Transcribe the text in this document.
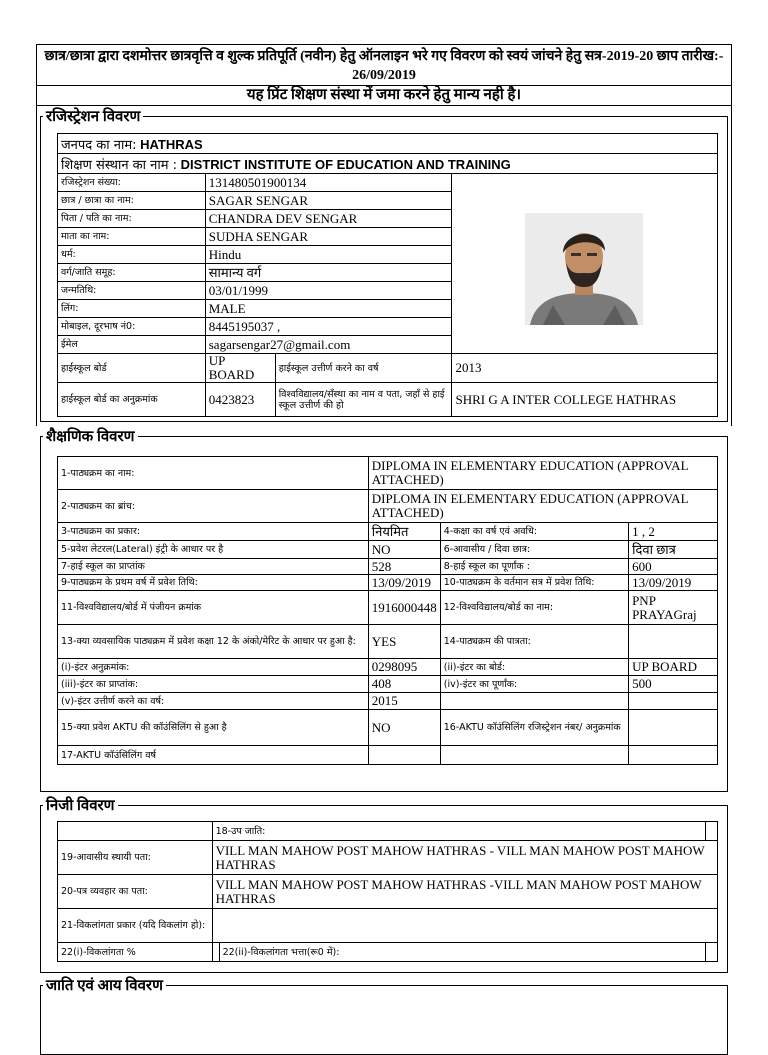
छात्र/छात्रा द्वारा दशमोत्तर छात्रवृत्ति व शुल्क प्रतिपूर्ति (नवीन) हेतु ऑनलाइन भरे गए विवरण को स्वयं जांचने हेतु सत्र-2019-20 छाप तारीख:- 26/09/2019
यह प्रिंट शिक्षण संस्था में जमा करने हेतु मान्य नही है।
रजिस्ट्रेशन विवरण
जनपद का नाम: HATHRAS			
शिक्षण संस्थान का नाम : DISTRICT INSTITUTE OF EDUCATION AND TRAINING			
रजिस्ट्रेशन संख्या:	131480501900134		
छात्र / छात्रा का नाम:	SAGAR SENGAR		
पिता / पति का नाम:	CHANDRA DEV SENGAR		
माता का नाम:	SUDHA SENGAR		
धर्म:	Hindu		
वर्ग/जाति समूह:	सामान्य वर्ग		
जन्मतिथि:	03/01/1999		
लिंग:	MALE		
मोबाइल, दूरभाष नं0:	8445195037 ,		
ईमेल	sagarsengar27@gmail.com		
हाईस्कूल बोर्ड	UP BOARD	हाईस्कूल उत्तीर्ण करने का वर्ष	2013
हाईस्कूल बोर्ड का अनुक्रमांक	0423823	विश्वविद्यालय/सँस्था का नाम व पता, जहाँ से हाई स्कूल उत्तीर्ण की हो	SHRI G A INTER COLLEGE HATHRAS
शैक्षणिक विवरण
1-पाठ्यक्रम का नाम:	DIPLOMA IN ELEMENTARY EDUCATION (APPROVAL ATTACHED)		
2-पाठ्यक्रम का ब्रांच:	DIPLOMA IN ELEMENTARY EDUCATION (APPROVAL ATTACHED)		
3-पाठ्यक्रम का प्रकार:	नियमित	4-कक्षा का वर्ष एवं अवधि:	1 , 2
5-प्रवेश लेटरल(Lateral) इंट्री के आधार पर है	NO	6-आवासीय / दिवा छात्र:	दिवा छात्र
7-हाई स्कूल का प्राप्तांक	528	8-हाई स्कूल का पूर्णांक :	600
9-पाठ्यक्रम के प्रथम वर्ष में प्रवेश तिथि:	13/09/2019	10-पाठ्यक्रम के वर्तमान सत्र में प्रवेश तिथि:	13/09/2019
11-विश्वविद्यालय/बोर्ड में पंजीयन क्रमांक	1916000448	12-विश्वविद्यालय/बोर्ड का नाम:	PNP PRAYAGraj
13-क्या व्यवसायिक पाठ्यक्रम में प्रवेश कक्षा 12 के अंको/मेरिट के आधार पर हुआ है:	YES	14-पाठ्यक्रम की पात्रता:	
(i)-इंटर अनुक्रमांक:	0298095	(ii)-इंटर का बोर्ड:	UP BOARD
(iii)-इंटर का प्राप्तांक:	408	(iv)-इंटर का पूर्णांक:	500
(v)-इंटर उत्तीर्ण करने का वर्ष:	2015		
15-क्या प्रवेश AKTU की कॉउंसिलिंग से हुआ है	NO	16-AKTU कॉउंसिलिंग रजिस्ट्रेशन नंबर/ अनुक्रमांक	
17-AKTU कॉउंसिलिंग वर्ष			
निजी विवरण
	18-उप जाति:		
19-आवासीय स्थायी पता:	VILL MAN MAHOW POST MAHOW HATHRAS - VILL MAN MAHOW POST MAHOW HATHRAS		
20-पत्र व्यवहार का पता:	VILL MAN MAHOW POST MAHOW HATHRAS -VILL MAN MAHOW POST MAHOW HATHRAS		
21-विकलांगता प्रकार (यदि विकलांग हो):			
22(i)-विकलांगता %		22(ii)-विकलांगता भत्ता(रू0 में):	
जाति एवं आय विवरण
